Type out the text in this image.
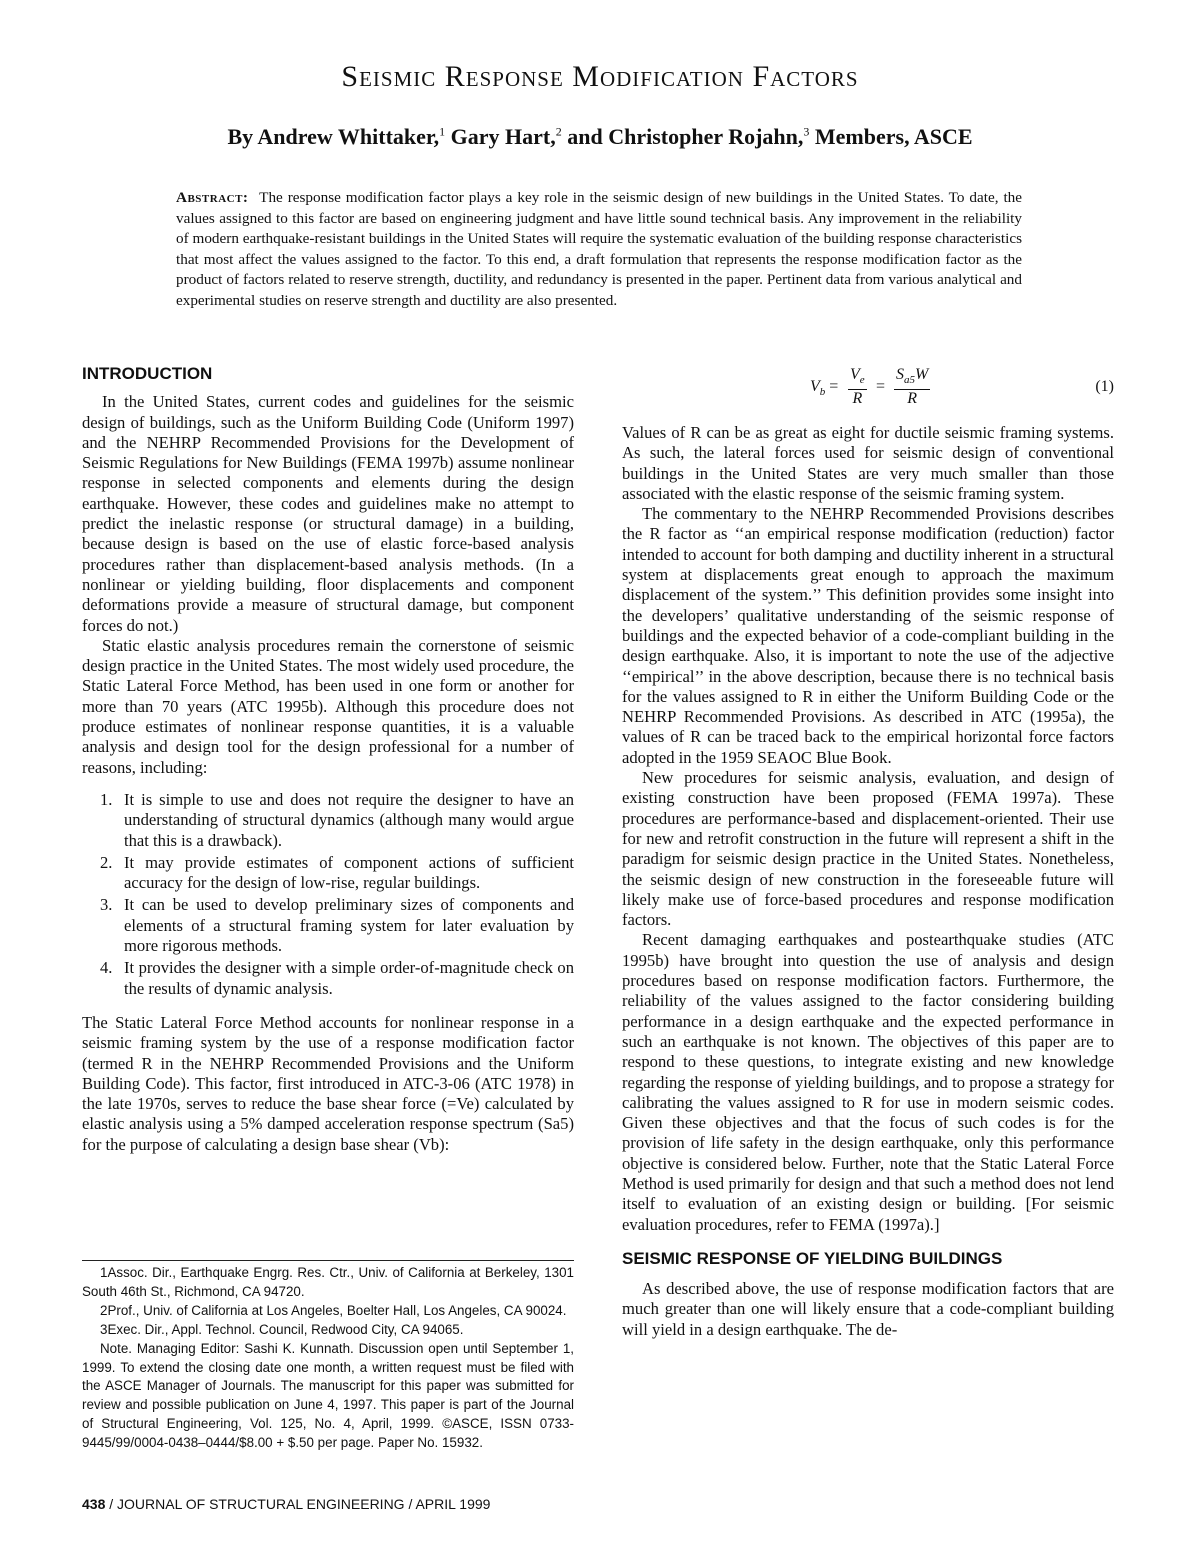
Seismic Response Modification Factors
By Andrew Whittaker,$^1$ Gary Hart,$^2$ and Christopher Rojahn,$^3$ Members, ASCE
Abstract: The response modification factor plays a key role in the seismic design of new buildings in the United States. To date, the values assigned to this factor are based on engineering judgment and have little sound technical basis. Any improvement in the reliability of modern earthquake-resistant buildings in the United States will require the systematic evaluation of the building response characteristics that most affect the values assigned to the factor. To this end, a draft formulation that represents the response modification factor as the product of factors related to reserve strength, ductility, and redundancy is presented in the paper. Pertinent data from various analytical and experimental studies on reserve strength and ductility are also presented.
INTRODUCTION

In the United States, current codes and guidelines for the seismic design of buildings, such as the Uniform Building Code (Uniform 1997) and the NEHRP Recommended Provisions for the Development of Seismic Regulations for New Buildings (FEMA 1997b) assume nonlinear response in selected components and elements during the design earthquake. However, these codes and guidelines make no attempt to predict the inelastic response (or structural damage) in a building, because design is based on the use of elastic force-based analysis procedures rather than displacement-based analysis methods. (In a nonlinear or yielding building, floor displacements and component deformations provide a measure of structural damage, but component forces do not.)

Static elastic analysis procedures remain the cornerstone of seismic design practice in the United States. The most widely used procedure, the Static Lateral Force Method, has been used in one form or another for more than 70 years (ATC 1995b). Although this procedure does not produce estimates of nonlinear response quantities, it is a valuable analysis and design tool for the design professional for a number of reasons, including:

1. It is simple to use and does not require the designer to have an understanding of structural dynamics (although many would argue that this is a drawback).
2. It may provide estimates of component actions of sufficient accuracy for the design of low-rise, regular buildings.
3. It can be used to develop preliminary sizes of components and elements of a structural framing system for later evaluation by more rigorous methods.
4. It provides the designer with a simple order-of-magnitude check on the results of dynamic analysis.

The Static Lateral Force Method accounts for nonlinear response in a seismic framing system by the use of a response modification factor (termed R in the NEHRP Recommended Provisions and the Uniform Building Code). This factor, first introduced in ATC-3-06 (ATC 1978) in the late 1970s, serves to reduce the base shear force (=Ve) calculated by elastic analysis using a 5% damped acceleration response spectrum (Sa5) for the purpose of calculating a design base shear (Vb):

1Assoc. Dir., Earthquake Engrg. Res. Ctr., Univ. of California at Berkeley, 1301 South 46th St., Richmond, CA 94720.

2Prof., Univ. of California at Los Angeles, Boelter Hall, Los Angeles, CA 90024.

3Exec. Dir., Appl. Technol. Council, Redwood City, CA 94065.

Note. Managing Editor: Sashi K. Kunnath. Discussion open until September 1, 1999. To extend the closing date one month, a written request must be filed with the ASCE Manager of Journals. The manuscript for this paper was submitted for review and possible publication on June 4, 1997. This paper is part of the Journal of Structural Engineering, Vol. 125, No. 4, April, 1999. ©ASCE, ISSN 0733-9445/99/0004-0438–0444/$8.00 + $.50 per page. Paper No. 15932.

$V_b = \frac{V_e}{R} = \frac{S_{a5}W}{R}$	(1)

Values of R can be as great as eight for ductile seismic framing systems. As such, the lateral forces used for seismic design of conventional buildings in the United States are very much smaller than those associated with the elastic response of the seismic framing system.

The commentary to the NEHRP Recommended Provisions describes the R factor as ‘‘an empirical response modification (reduction) factor intended to account for both damping and ductility inherent in a structural system at displacements great enough to approach the maximum displacement of the system.’’ This definition provides some insight into the developers’ qualitative understanding of the seismic response of buildings and the expected behavior of a code-compliant building in the design earthquake. Also, it is important to note the use of the adjective ‘‘empirical’’ in the above description, because there is no technical basis for the values assigned to R in either the Uniform Building Code or the NEHRP Recommended Provisions. As described in ATC (1995a), the values of R can be traced back to the empirical horizontal force factors adopted in the 1959 SEAOC Blue Book.

New procedures for seismic analysis, evaluation, and design of existing construction have been proposed (FEMA 1997a). These procedures are performance-based and displacement-oriented. Their use for new and retrofit construction in the future will represent a shift in the paradigm for seismic design practice in the United States. Nonetheless, the seismic design of new construction in the foreseeable future will likely make use of force-based procedures and response modification factors.

Recent damaging earthquakes and postearthquake studies (ATC 1995b) have brought into question the use of analysis and design procedures based on response modification factors. Furthermore, the reliability of the values assigned to the factor considering building performance in a design earthquake and the expected performance in such an earthquake is not known. The objectives of this paper are to respond to these questions, to integrate existing and new knowledge regarding the response of yielding buildings, and to propose a strategy for calibrating the values assigned to R for use in modern seismic codes. Given these objectives and that the focus of such codes is for the provision of life safety in the design earthquake, only this performance objective is considered below. Further, note that the Static Lateral Force Method is used primarily for design and that such a method does not lend itself to evaluation of an existing design or building. [For seismic evaluation procedures, refer to FEMA (1997a).]

SEISMIC RESPONSE OF YIELDING BUILDINGS

As described above, the use of response modification factors that are much greater than one will likely ensure that a code-compliant building will yield in a design earthquake. The de-

438 / JOURNAL OF STRUCTURAL ENGINEERING / APRIL 1999
